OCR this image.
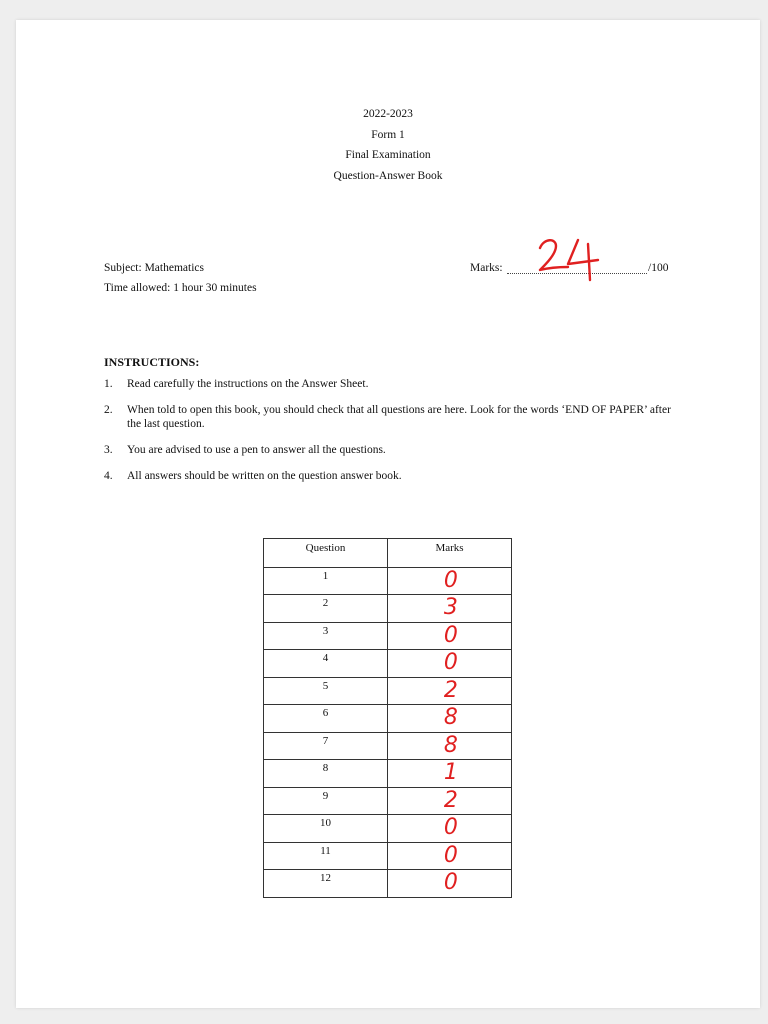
2022-2023
Form 1
Final Examination
Question-Answer Book
Subject: Mathematics
Time allowed: 1 hour 30 minutes
Marks:	/100
INSTRUCTIONS:
1.	Read carefully the instructions on the Answer Sheet.
2.	When told to open this book, you should check that all questions are here. Look for the words ‘END OF PAPER’ after the last question.
3.	You are advised to use a pen to answer all the questions.
4.	All answers should be written on the question answer book.
Question	Marks
1	0

2	3

3	0

4	0

5	2

6	8

7	8

8	1

9	2

10	0

11	0

12	0
